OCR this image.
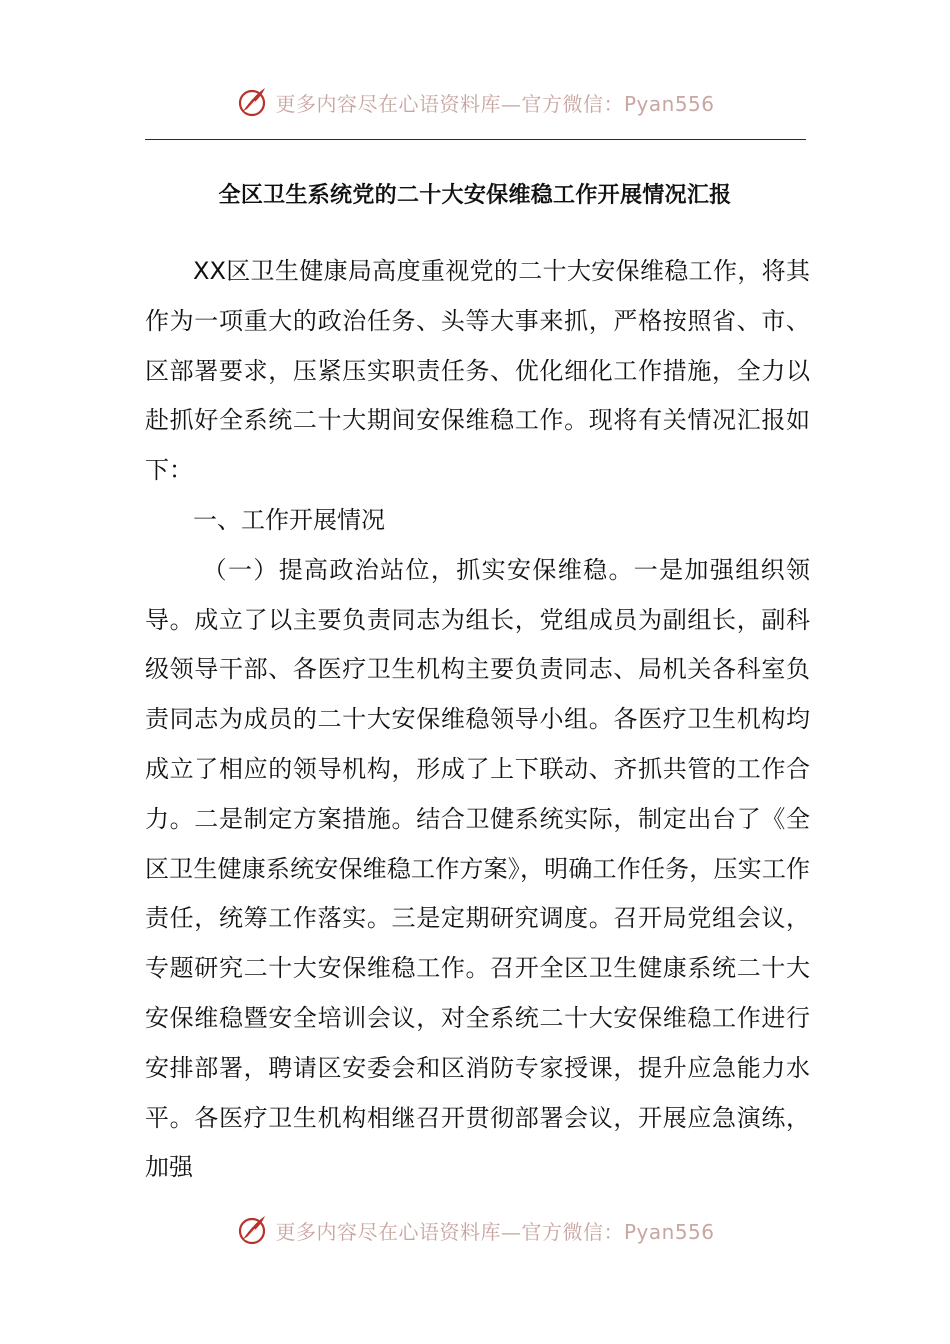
更多内容尽在心语资料库—官方微信：Pyan556
全区卫生系统党的二十大安保维稳工作开展情况汇报

XX区卫生健康局高度重视党的二十大安保维稳工作，将其作为一项重大的政治任务、头等大事来抓，严格按照省、市、区部署要求，压紧压实职责任务、优化细化工作措施，全力以赴抓好全系统二十大期间安保维稳工作。现将有关情况汇报如下：

一、工作开展情况

（一）提高政治站位，抓实安保维稳。一是加强组织领导。成立了以主要负责同志为组长，党组成员为副组长，副科级领导干部、各医疗卫生机构主要负责同志、局机关各科室负责同志为成员的二十大安保维稳领导小组。各医疗卫生机构均成立了相应的领导机构，形成了上下联动、齐抓共管的工作合力。二是制定方案措施。结合卫健系统实际，制定出台了《全区卫生健康系统安保维稳工作方案》，明确工作任务，压实工作责任，统筹工作落实。三是定期研究调度。召开局党组会议，专题研究二十大安保维稳工作。召开全区卫生健康系统二十大安保维稳暨安全培训会议，对全系统二十大安保维稳工作进行安排部署，聘请区安委会和区消防专家授课，提升应急能力水平。各医疗卫生机构相继召开贯彻部署会议，开展应急演练，加强

更多内容尽在心语资料库—官方微信：Pyan556
